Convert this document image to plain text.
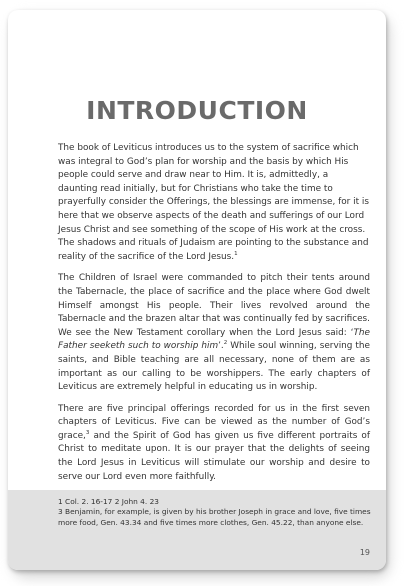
INTRODUCTION

The book of Leviticus introduces us to the system of sacrifice which was integral to God’s plan for worship and the basis by which His people could serve and draw near to Him. It is, admittedly, a daunting read initially, but for Christians who take the time to prayerfully consider the Offerings, the blessings are immense, for it is here that we observe aspects of the death and sufferings of our Lord Jesus Christ and see something of the scope of His work at the cross. The shadows and rituals of Judaism are pointing to the substance and reality of the sacrifice of the Lord Jesus.$^1$

The Children of Israel were commanded to pitch their tents around the Tabernacle, the place of sacrifice and the place where God dwelt Himself amongst His people. Their lives revolved around the Tabernacle and the brazen altar that was continually fed by sacrifices. We see the New Testament corollary when the Lord Jesus said: ‘The Father seeketh such to worship him’.$^2$ While soul winning, serving the saints, and Bible teaching are all necessary, none of them are as important as our calling to be worshippers. The early chapters of Leviticus are extremely helpful in educating us in worship.

There are five principal offerings recorded for us in the first seven chapters of Leviticus. Five can be viewed as the number of God’s grace,$^3$ and the Spirit of God has given us five different portraits of Christ to meditate upon. It is our prayer that the delights of seeing the Lord Jesus in Leviticus will stimulate our worship and desire to serve our Lord even more faithfully.

1 Col. 2. 16-17 2 John 4. 23

3 Benjamin, for example, is given by his brother Joseph in grace and love, five times more food, Gen. 43.34 and five times more clothes, Gen. 45.22, than anyone else.

19
